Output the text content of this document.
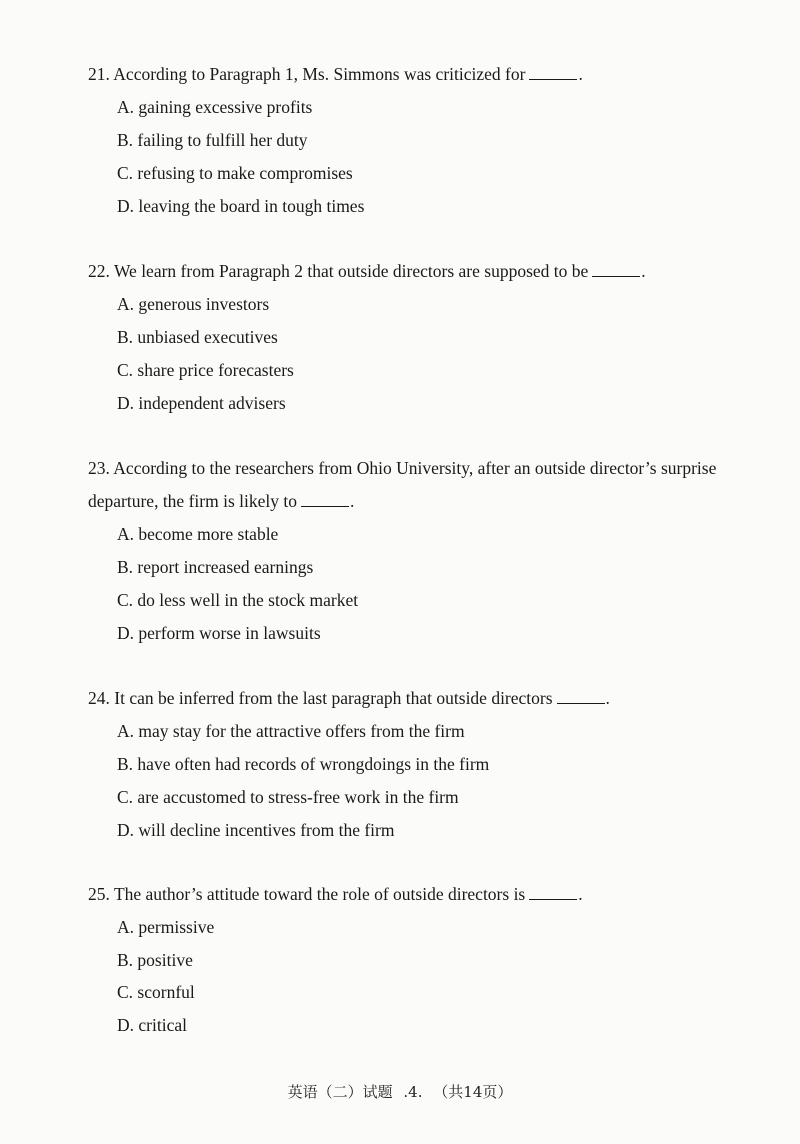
21. According to Paragraph 1, Ms. Simmons was criticized for	.

A. gaining excessive profits

B. failing to fulfill her duty

C. refusing to make compromises

D. leaving the board in tough times

22. We learn from Paragraph 2 that outside directors are supposed to be	.

A. generous investors

B. unbiased executives

C. share price forecasters

D. independent advisers

23. According to the researchers from Ohio University, after an outside director’s surprise departure, the firm is likely to	.

A. become more stable

B. report increased earnings

C. do less well in the stock market

D. perform worse in lawsuits

24. It can be inferred from the last paragraph that outside directors	.

A. may stay for the attractive offers from the firm

B. have often had records of wrongdoings in the firm

C. are accustomed to stress-free work in the firm

D. will decline incentives from the firm

25. The author’s attitude toward the role of outside directors is	.

A. permissive

B. positive

C. scornful

D. critical

英语（二）试题 .4. （共14页）
